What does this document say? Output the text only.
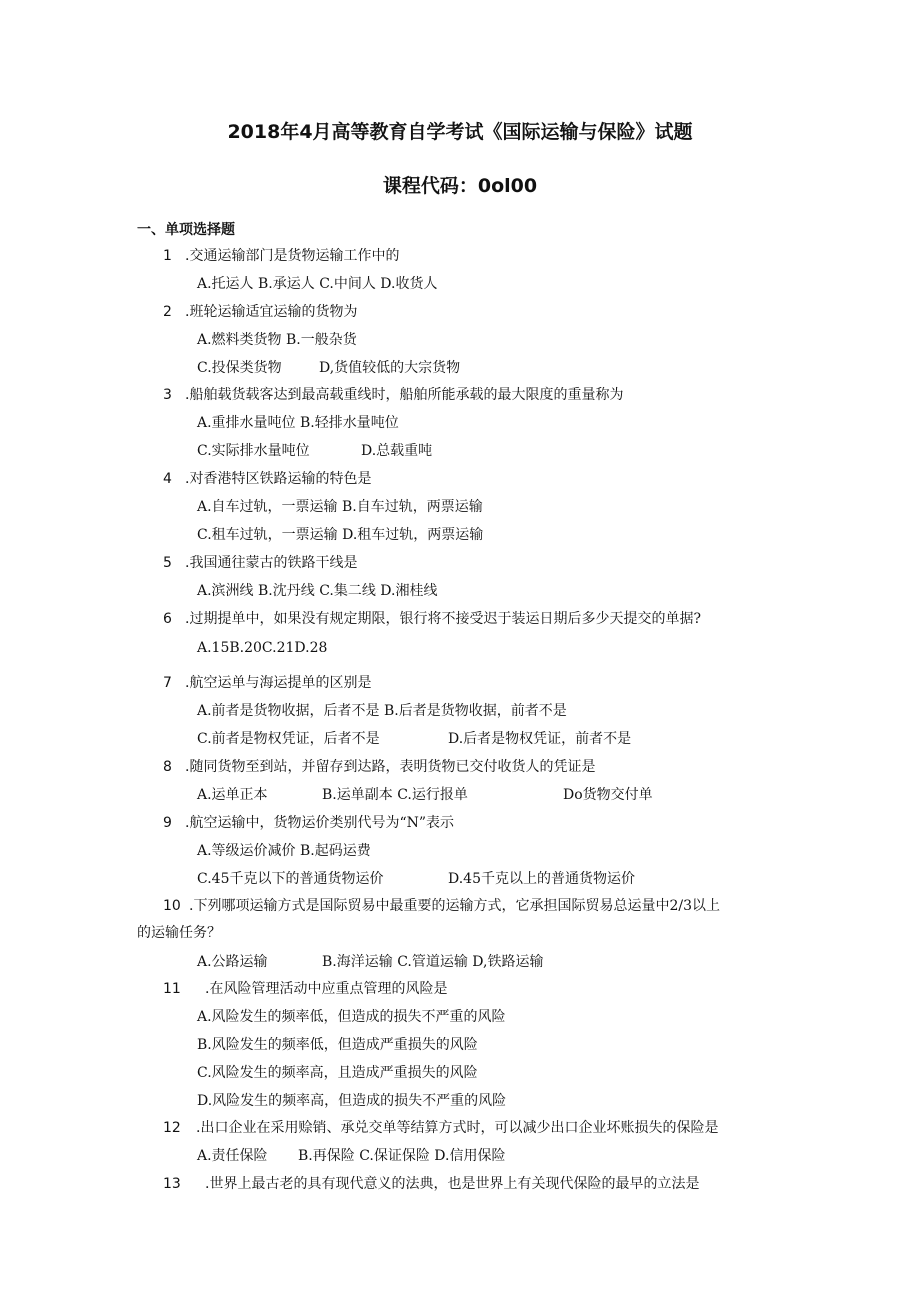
2018年4月高等教育自学考试《国际运输与保险》试题
课程代码：0ol00
一、单项选择题
1 .交通运输部门是货物运输工作中的
A.托运人 B.承运人 C.中间人 D.收货人
2 .班轮运输适宜运输的货物为
A.燃料类货物 B.一般杂货
C.投保类货物	D,货值较低的大宗货物
3 .船舶载货载客达到最高载重线时，船舶所能承载的最大限度的重量称为
A.重排水量吨位 B.轻排水量吨位
C.实际排水量吨位	D.总载重吨
4 .对香港特区铁路运输的特色是
A.自车过轨，一票运输 B.自车过轨，两票运输
C.租车过轨，一票运输 D.租车过轨，两票运输
5 .我国通往蒙古的铁路干线是
A.滨洲线 B.沈丹线 C.集二线 D.湘桂线
6 .过期提单中，如果没有规定期限，银行将不接受迟于装运日期后多少天提交的单据?
A.15B.20C.21D.28
7 .航空运单与海运提单的区别是
A.前者是货物收据，后者不是 B.后者是货物收据，前者不是
C.前者是物权凭证，后者不是	D.后者是物权凭证，前者不是
8 .随同货物至到站，并留存到达路，表明货物已交付收货人的凭证是
A.运单正本	B.运单副本 C.运行报单	Do货物交付单
9 .航空运输中，货物运价类别代号为“N”表示
A.等级运价减价 B.起码运费
C.45千克以下的普通货物运价	D.45千克以上的普通货物运价
10 .下列哪项运输方式是国际贸易中最重要的运输方式，它承担国际贸易总运量中2/3以上
的运输任务？
A.公路运输	B.海洋运输 C.管道运输 D,铁路运输
11 .在风险管理活动中应重点管理的风险是
A.风险发生的频率低，但造成的损失不严重的风险
B.风险发生的频率低，但造成严重损失的风险
C.风险发生的频率高，且造成严重损失的风险
D.风险发生的频率高，但造成的损失不严重的风险
12 .出口企业在采用赊销、承兑交单等结算方式时，可以减少出口企业坏账损失的保险是
A.责任保险 B.再保险 C.保证保险 D.信用保险
13 .世界上最古老的具有现代意义的法典，也是世界上有关现代保险的最早的立法是
